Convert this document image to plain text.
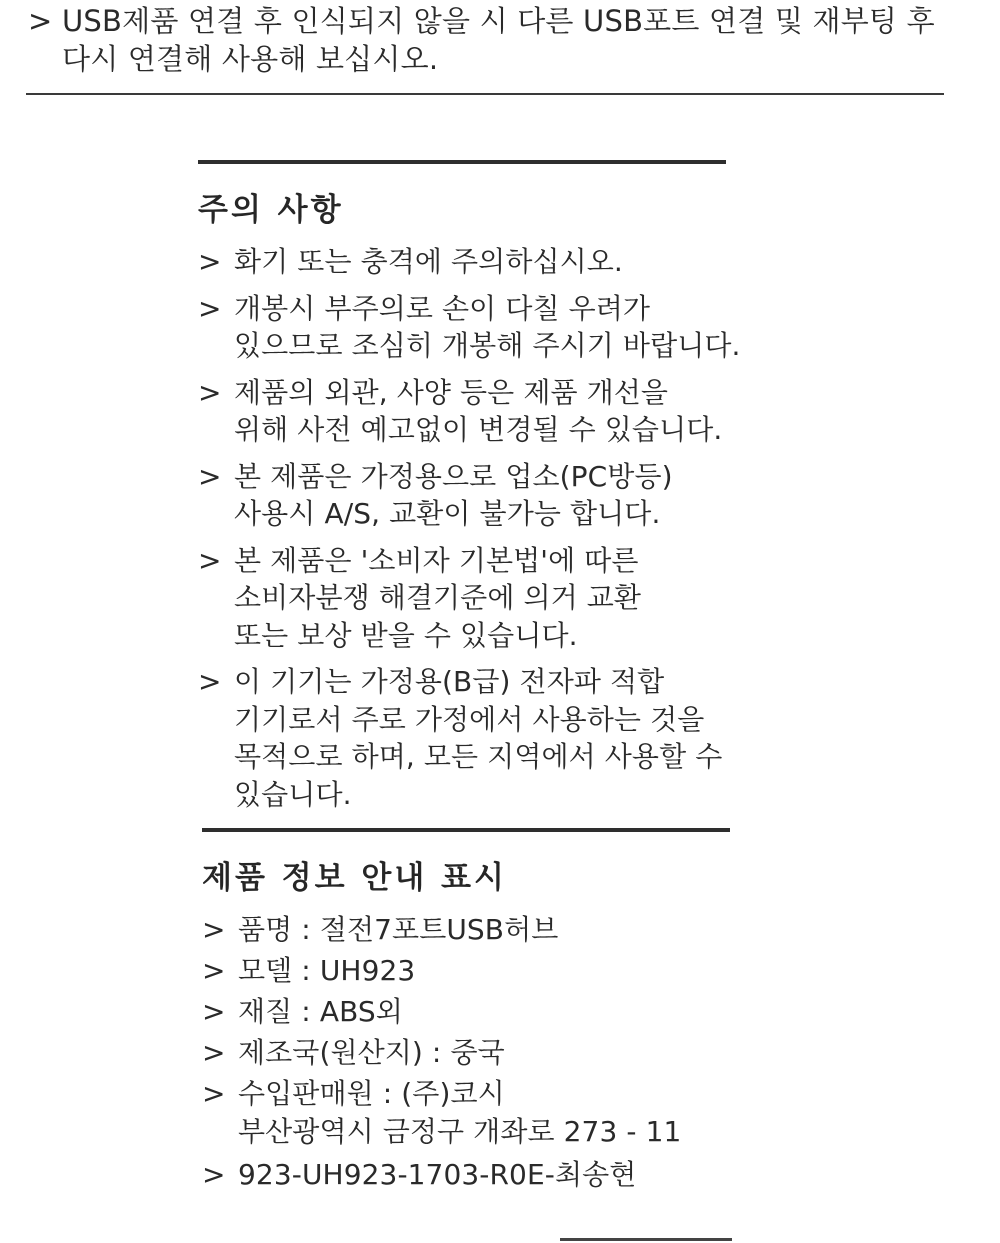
> USB제품 연결 후 인식되지 않을 시 다른 USB포트 연결 및 재부팅 후
다시 연결해 사용해 보십시오.
주의 사항
> 화기 또는 충격에 주의하십시오.
> 개봉시 부주의로 손이 다칠 우려가
있으므로 조심히 개봉해 주시기 바랍니다.
> 제품의 외관, 사양 등은 제품 개선을
위해 사전 예고없이 변경될 수 있습니다.
> 본 제품은 가정용으로 업소(PC방등)
사용시 A/S, 교환이 불가능 합니다.
> 본 제품은 '소비자 기본법'에 따른
소비자분쟁 해결기준에 의거 교환
또는 보상 받을 수 있습니다.
> 이 기기는 가정용(B급) 전자파 적합
기기로서 주로 가정에서 사용하는 것을
목적으로 하며, 모든 지역에서 사용할 수
있습니다.
제품 정보 안내 표시
> 품명 : 절전7포트USB허브
> 모델 : UH923
> 재질 : ABS외
> 제조국(원산지) : 중국
> 수입판매원 : (주)코시
부산광역시 금정구 개좌로 273 - 11
> 923-UH923-1703-R0E-최송현
